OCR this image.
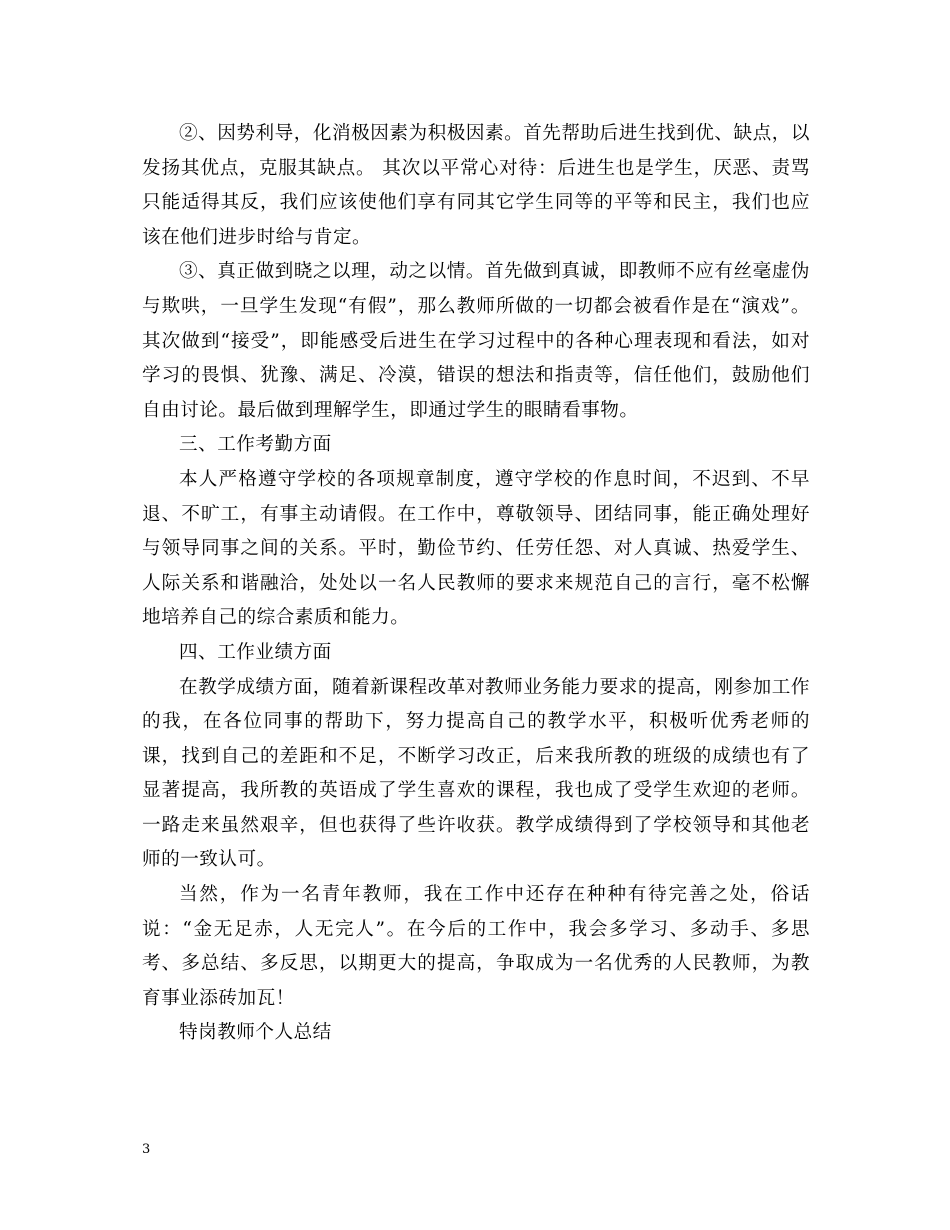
②、因势利导，化消极因素为积极因素。首先帮助后进生找到优、缺点，以发扬其优点，克服其缺点。 其次以平常心对待：后进生也是学生，厌恶、责骂只能适得其反，我们应该使他们享有同其它学生同等的平等和民主，我们也应该在他们进步时给与肯定。

③、真正做到晓之以理，动之以情。首先做到真诚，即教师不应有丝毫虚伪与欺哄，一旦学生发现“有假”，那么教师所做的一切都会被看作是在“演戏”。其次做到“接受”，即能感受后进生在学习过程中的各种心理表现和看法，如对学习的畏惧、犹豫、满足、冷漠，错误的想法和指责等，信任他们，鼓励他们自由讨论。最后做到理解学生，即通过学生的眼睛看事物。

三、工作考勤方面

本人严格遵守学校的各项规章制度，遵守学校的作息时间，不迟到、不早退、不旷工，有事主动请假。在工作中，尊敬领导、团结同事，能正确处理好与领导同事之间的关系。平时，勤俭节约、任劳任怨、对人真诚、热爱学生、人际关系和谐融洽，处处以一名人民教师的要求来规范自己的言行，毫不松懈地培养自己的综合素质和能力。

四、工作业绩方面

在教学成绩方面，随着新课程改革对教师业务能力要求的提高，刚参加工作的我，在各位同事的帮助下，努力提高自己的教学水平，积极听优秀老师的课，找到自己的差距和不足，不断学习改正，后来我所教的班级的成绩也有了显著提高，我所教的英语成了学生喜欢的课程，我也成了受学生欢迎的老师。一路走来虽然艰辛，但也获得了些许收获。教学成绩得到了学校领导和其他老师的一致认可。

当然，作为一名青年教师，我在工作中还存在种种有待完善之处，俗话说：“金无足赤，人无完人”。在今后的工作中，我会多学习、多动手、多思考、多总结、多反思，以期更大的提高，争取成为一名优秀的人民教师，为教育事业添砖加瓦！

特岗教师个人总结

3
